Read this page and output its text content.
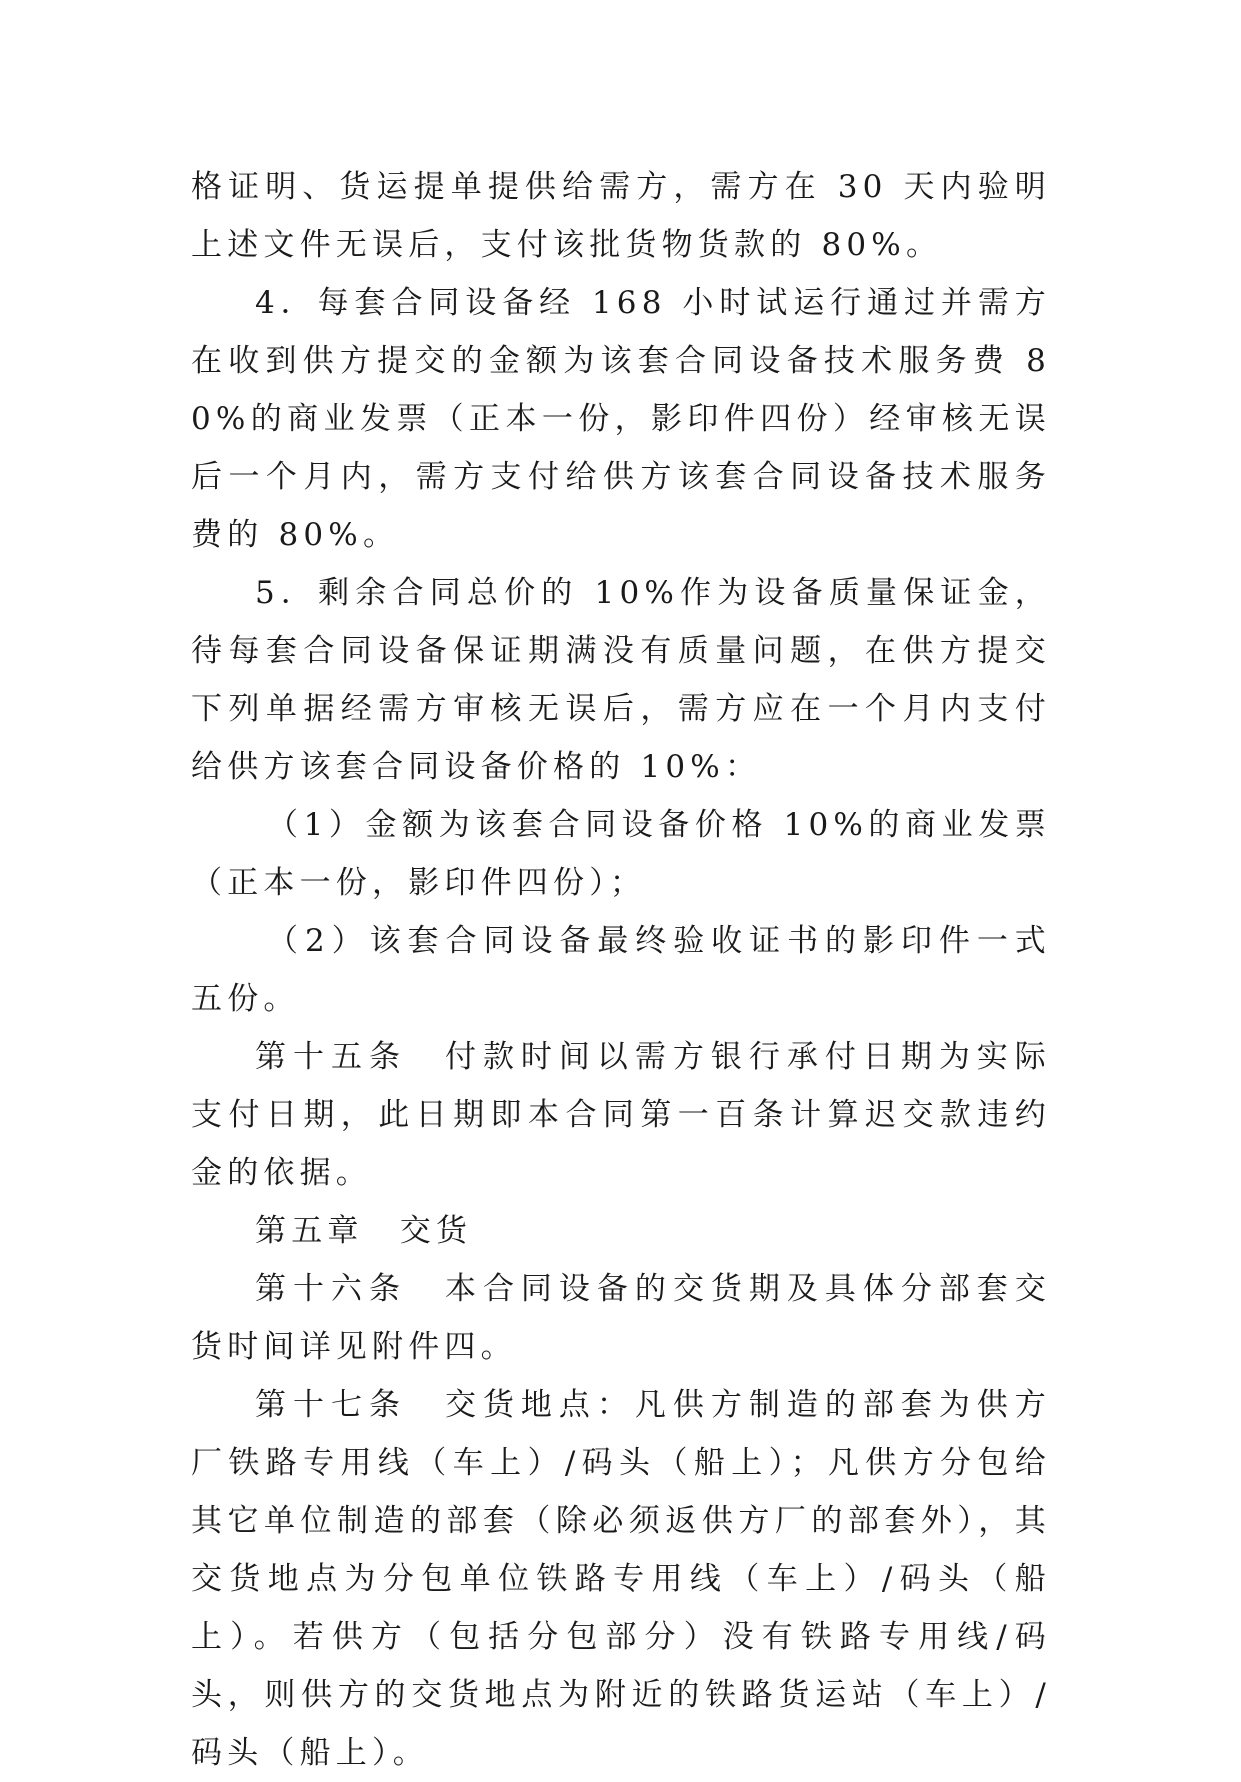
格证明、货运提单提供给需方，需方在 30 天内验明上述文件无误后，支付该批货物货款的 80%。

4．每套合同设备经 168 小时试运行通过并需方在收到供方提交的金额为该套合同设备技术服务费 80%的商业发票（正本一份，影印件四份）经审核无误后一个月内，需方支付给供方该套合同设备技术服务费的 80%。

5．剩余合同总价的 10%作为设备质量保证金，待每套合同设备保证期满没有质量问题，在供方提交下列单据经需方审核无误后，需方应在一个月内支付给供方该套合同设备价格的 10%：

（1）金额为该套合同设备价格 10%的商业发票（正本一份，影印件四份）；

（2）该套合同设备最终验收证书的影印件一式五份。

第十五条　付款时间以需方银行承付日期为实际支付日期，此日期即本合同第一百条计算迟交款违约金的依据。

第五章　交货

第十六条　本合同设备的交货期及具体分部套交货时间详见附件四。

第十七条　交货地点：凡供方制造的部套为供方厂铁路专用线（车上）/码头（船上）；凡供方分包给其它单位制造的部套（除必须返供方厂的部套外），其交货地点为分包单位铁路专用线（车上）/码头（船上）。若供方（包括分包部分）没有铁路专用线/码头，则供方的交货地点为附近的铁路货运站（车上）/码头（船上）。
